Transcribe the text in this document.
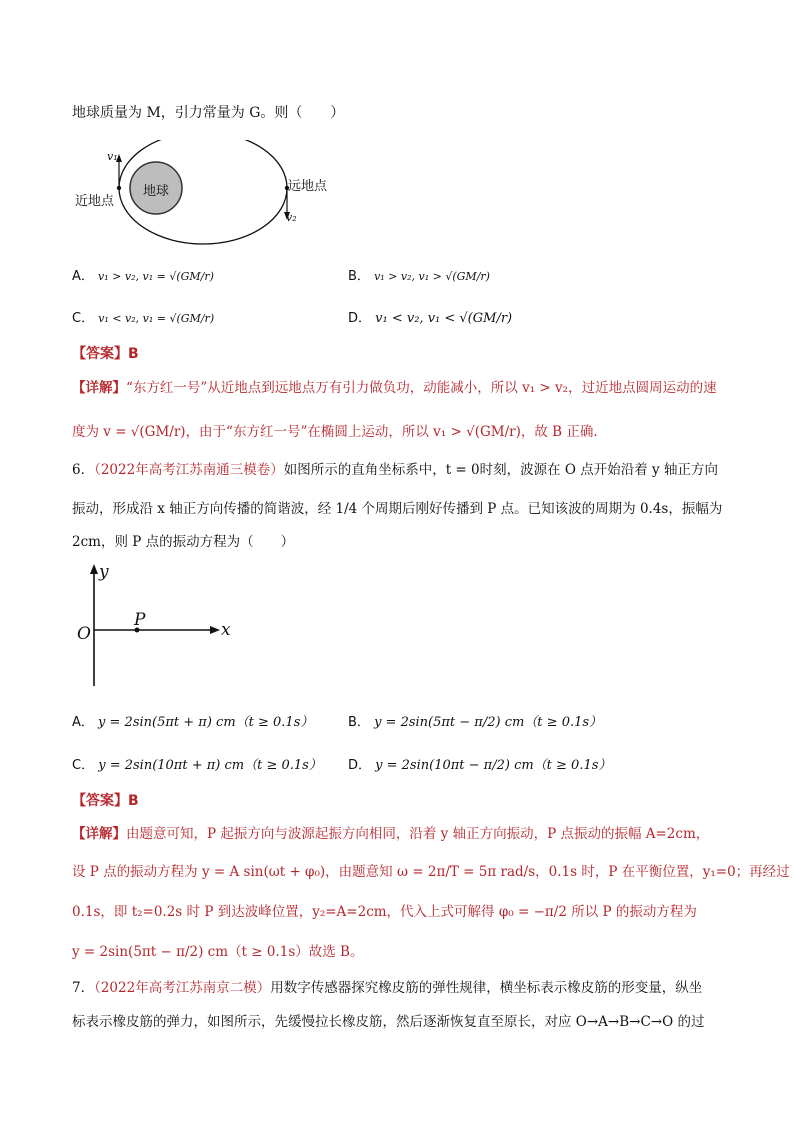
地球质量为 M，引力常量为 G。则（　　）
地球
近地点
远地点
v₁
v₂
A． v₁ > v₂, v₁ = √(GM/r)	B． v₁ > v₂, v₁ > √(GM/r)
C． v₁ < v₂, v₁ = √(GM/r)	D． v₁ < v₂, v₁ < √(GM/r)
【答案】B
【详解】“东方红一号”从近地点到远地点万有引力做负功，动能减小，所以 v₁ > v₂，过近地点圆周运动的速
度为 v = √(GM/r)，由于“东方红一号”在椭圆上运动，所以 v₁ > √(GM/r)，故 B 正确.
6．（2022年高考江苏南通三模卷）如图所示的直角坐标系中，t = 0时刻，波源在 O 点开始沿着 y 轴正方向
振动，形成沿 x 轴正方向传播的简谐波，经 1/4 个周期后刚好传播到 P 点。已知该波的周期为 0.4s，振幅为
2cm，则 P 点的振动方程为（　　）
y
x
O
P
A． y = 2sin(5πt + π) cm（t ≥ 0.1s）	B． y = 2sin(5πt − π/2) cm（t ≥ 0.1s）
C． y = 2sin(10πt + π) cm（t ≥ 0.1s） D． y = 2sin(10πt − π/2) cm（t ≥ 0.1s）
【答案】B
【详解】由题意可知，P 起振方向与波源起振方向相同，沿着 y 轴正方向振动，P 点振动的振幅 A=2cm，
设 P 点的振动方程为 y = A sin(ωt + φ₀)，由题意知 ω = 2π/T = 5π rad/s，0.1s 时，P 在平衡位置，y₁=0；再经过
0.1s，即 t₂=0.2s 时 P 到达波峰位置，y₂=A=2cm，代入上式可解得 φ₀ = −π/2 所以 P 的振动方程为
y = 2sin(5πt − π/2) cm（t ≥ 0.1s）故选 B。
7．（2022年高考江苏南京二模）用数字传感器探究橡皮筋的弹性规律，横坐标表示橡皮筋的形变量，纵坐
标表示橡皮筋的弹力，如图所示，先缓慢拉长橡皮筋，然后逐渐恢复直至原长，对应 O→A→B→C→O 的过
